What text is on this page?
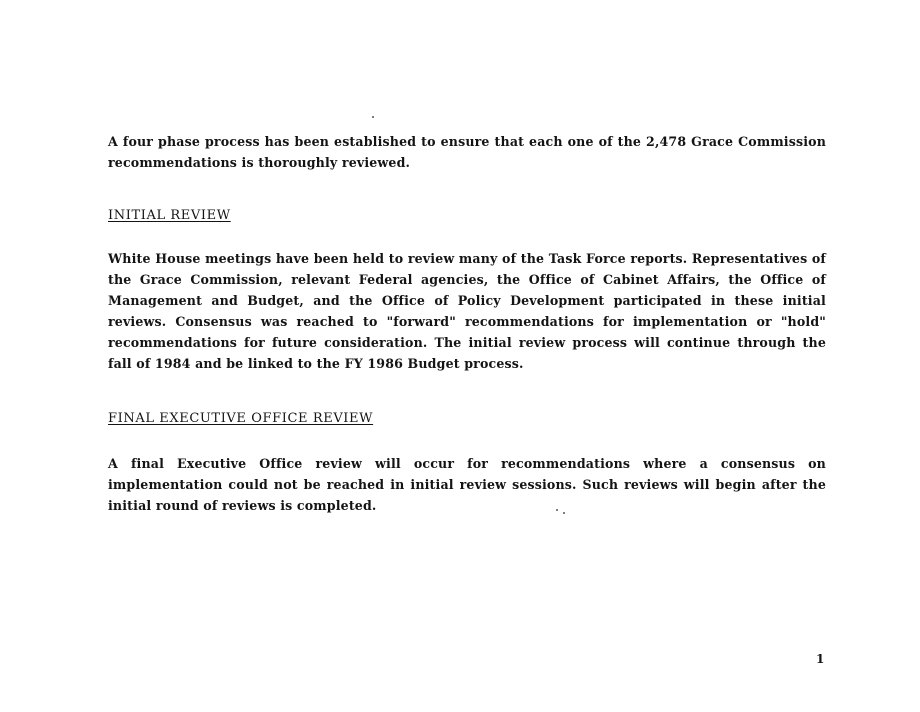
A four phase process has been established to ensure that each one of the 2,478 Grace Commission recommendations is thoroughly reviewed.

INITIAL REVIEW

White House meetings have been held to review many of the Task Force reports. Representatives of the Grace Commission, relevant Federal agencies, the Office of Cabinet Affairs, the Office of Management and Budget, and the Office of Policy Development participated in these initial reviews. Consensus was reached to "forward" recommendations for implementation or "hold" recommendations for future consideration. The initial review process will continue through the fall of 1984 and be linked to the FY 1986 Budget process.

FINAL EXECUTIVE OFFICE REVIEW

A final Executive Office review will occur for recommendations where a consensus on implementation could not be reached in initial review sessions. Such reviews will begin after the initial round of reviews is completed.

1
